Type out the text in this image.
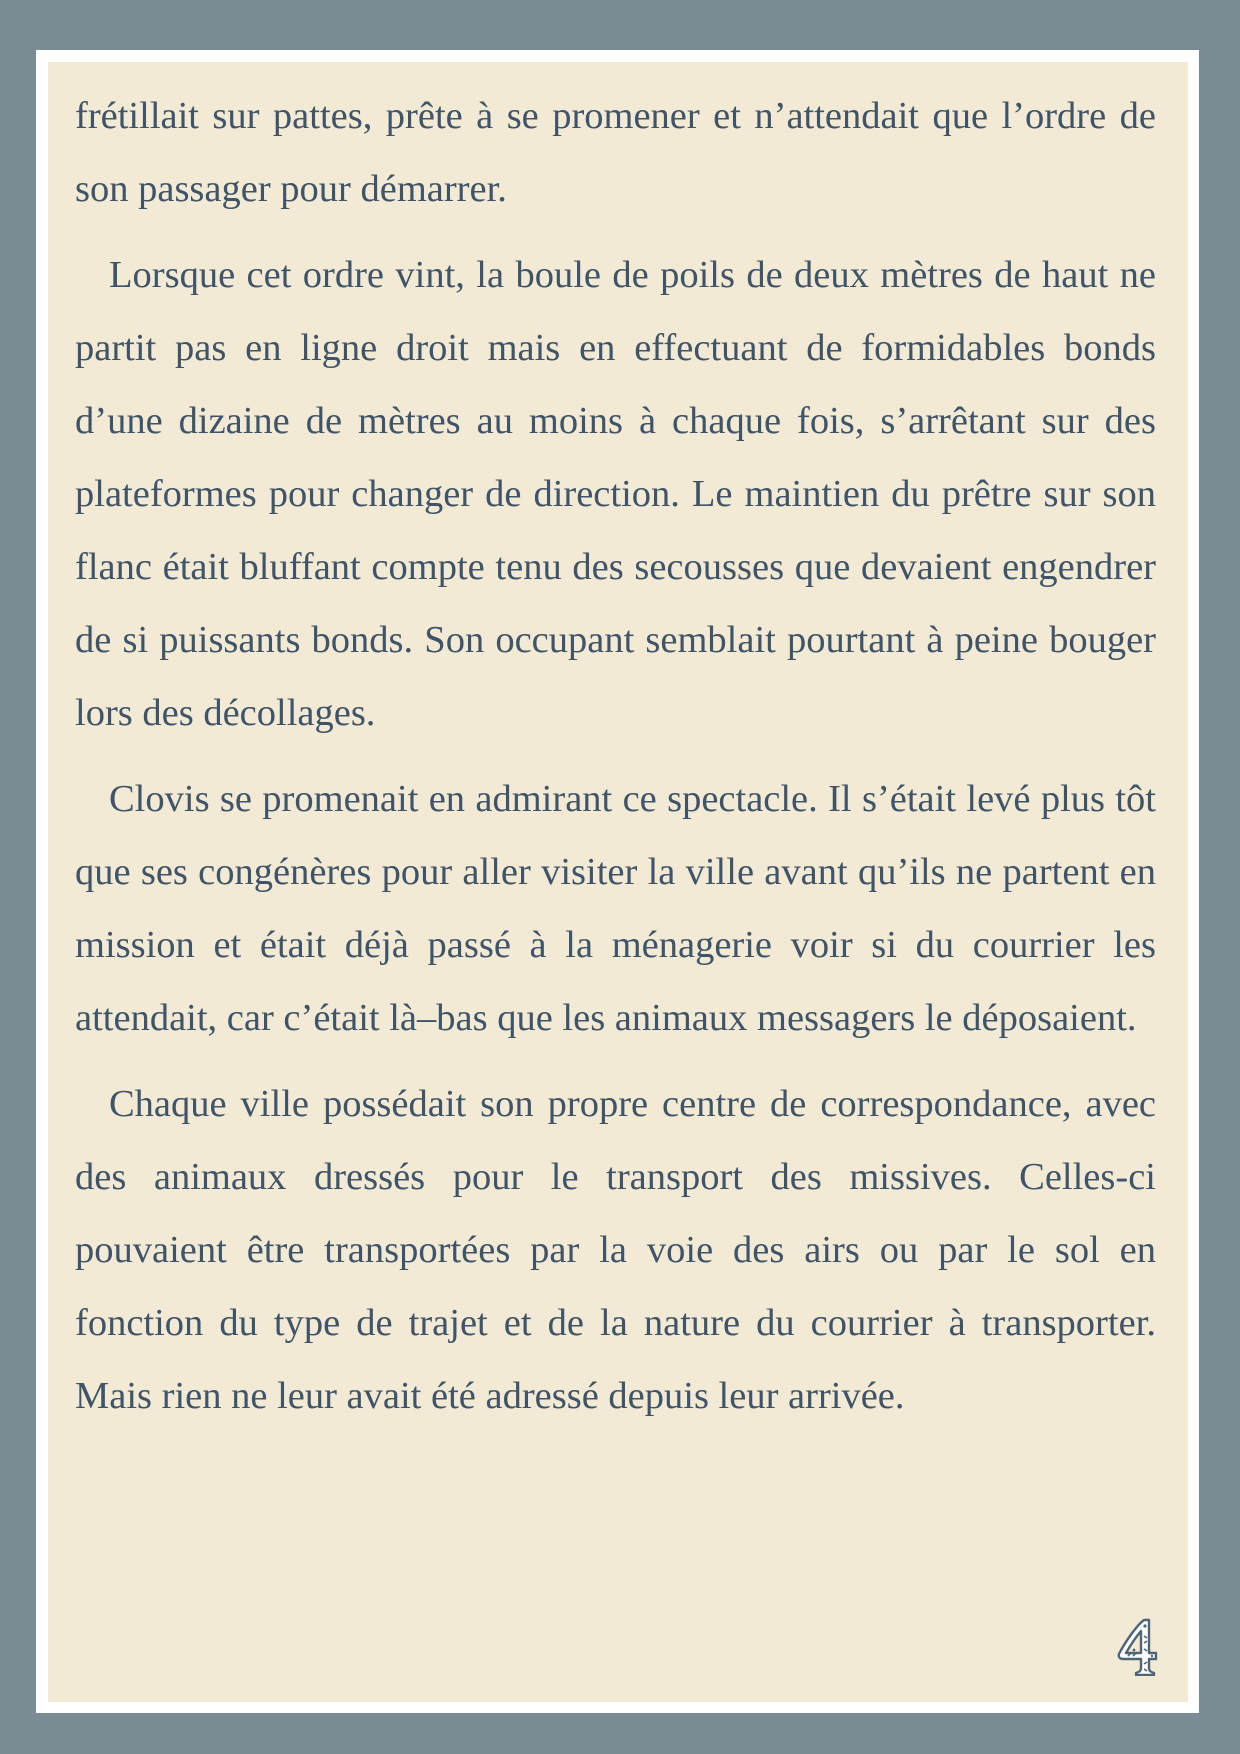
frétillait sur pattes, prête à se promener et n’attendait que l’ordre de son passager pour démarrer.

Lorsque cet ordre vint, la boule de poils de deux mètres de haut ne partit pas en ligne droit mais en effectuant de formidables bonds d’une dizaine de mètres au moins à chaque fois, s’arrêtant sur des plateformes pour changer de direction. Le maintien du prêtre sur son flanc était bluffant compte tenu des secousses que devaient engendrer de si puissants bonds. Son occupant semblait pourtant à peine bouger lors des décollages.

Clovis se promenait en admirant ce spectacle. Il s’était levé plus tôt que ses congénères pour aller visiter la ville avant qu’ils ne partent en mission et était déjà passé à la ménagerie voir si du courrier les attendait, car c’était là–bas que les animaux messagers le déposaient.

Chaque ville possédait son propre centre de correspondance, avec des animaux dressés pour le transport des missives. Celles-ci pouvaient être transportées par la voie des airs ou par le sol en fonction du type de trajet et de la nature du courrier à transporter. Mais rien ne leur avait été adressé depuis leur arrivée.
